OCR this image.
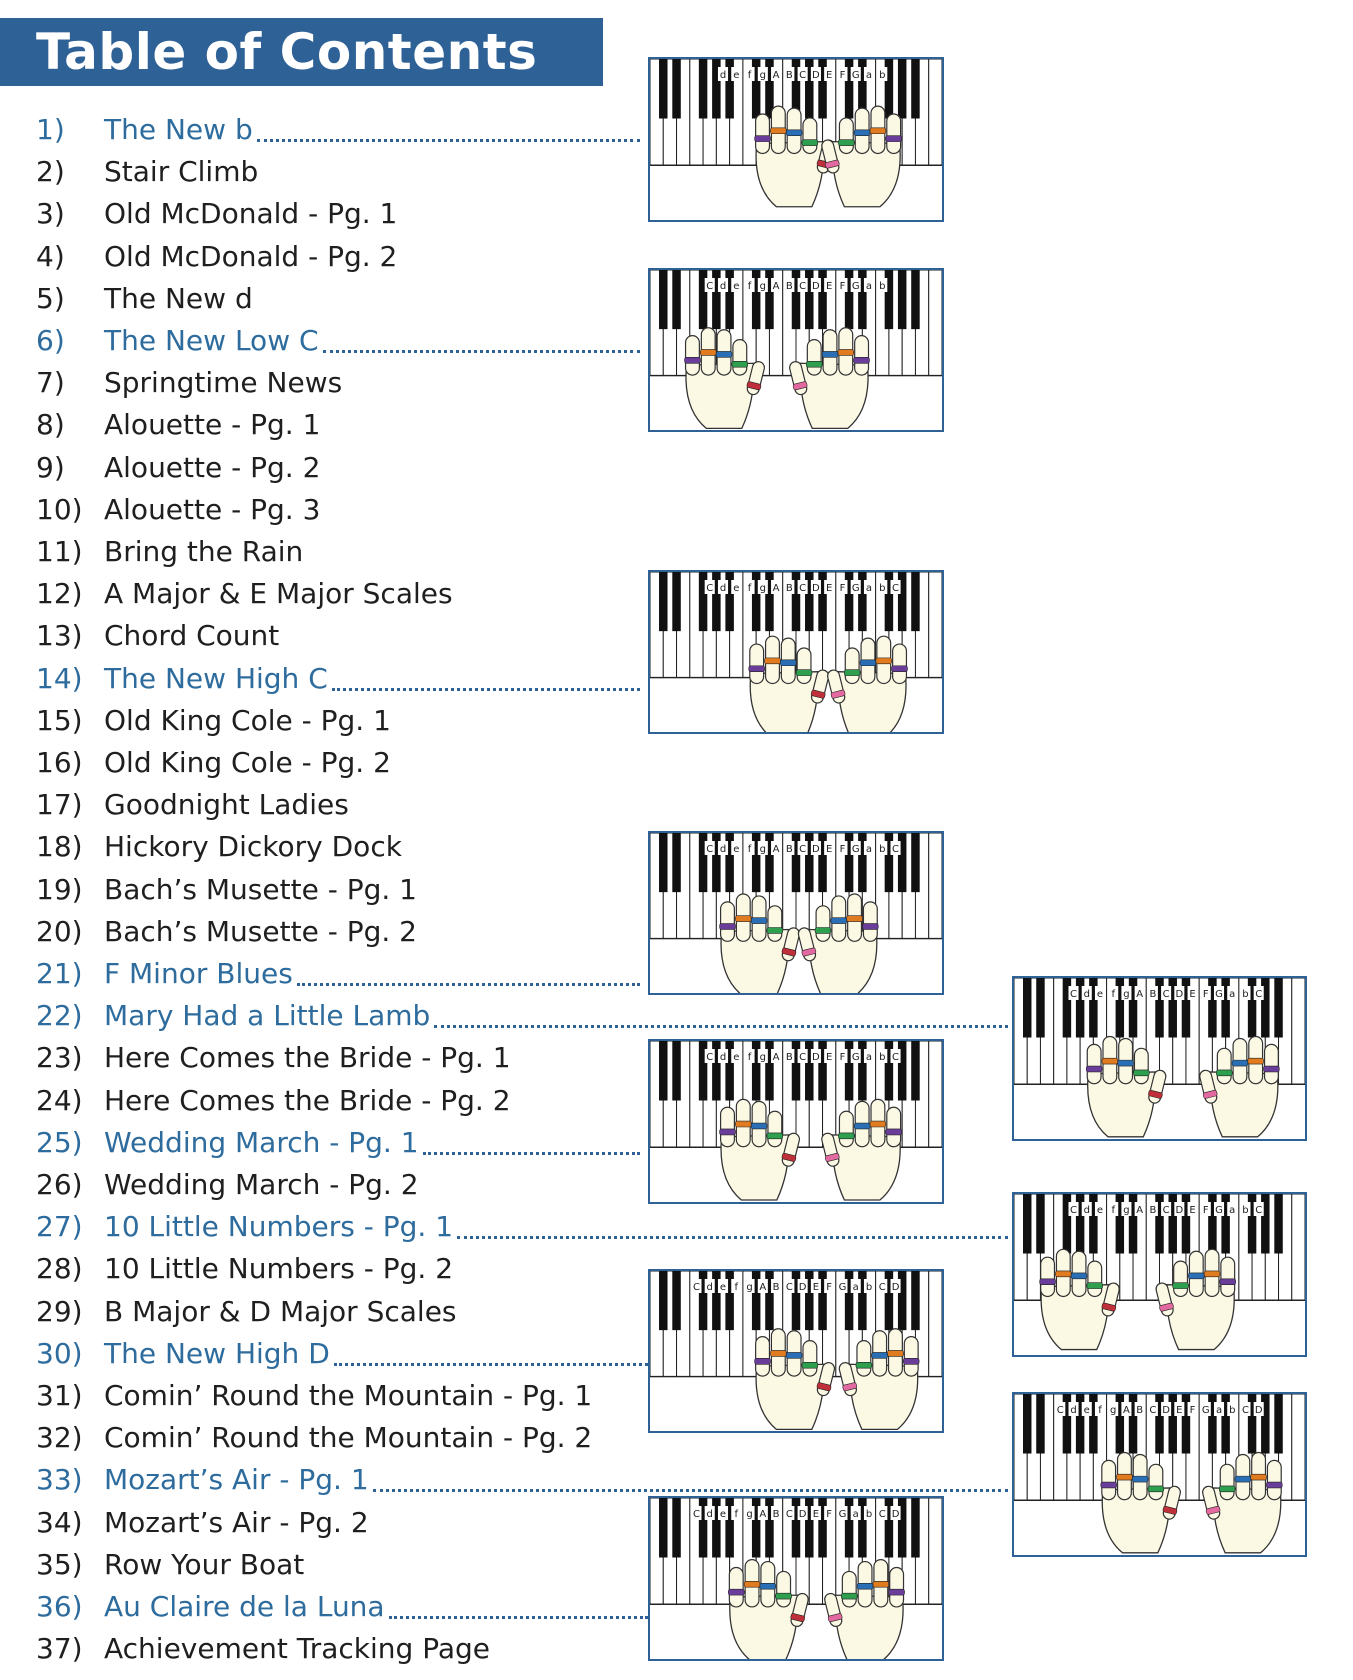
Table of Contents
1) The New b
2) Stair Climb
3) Old McDonald - Pg. 1
4) Old McDonald - Pg. 2
5) The New d
6) The New Low C
7) Springtime News
8) Alouette - Pg. 1
9) Alouette - Pg. 2
10) Alouette - Pg. 3
11) Bring the Rain
12) A Major & E Major Scales
13) Chord Count
14) The New High C
15) Old King Cole - Pg. 1
16) Old King Cole - Pg. 2
17) Goodnight Ladies
18) Hickory Dickory Dock
19) Bach’s Musette - Pg. 1
20) Bach’s Musette - Pg. 2
21) F Minor Blues
22) Mary Had a Little Lamb
23) Here Comes the Bride - Pg. 1
24) Here Comes the Bride - Pg. 2
25) Wedding March - Pg. 1
26) Wedding March - Pg. 2
27) 10 Little Numbers - Pg. 1
28) 10 Little Numbers - Pg. 2
29) B Major & D Major Scales
30) The New High D
31) Comin’ Round the Mountain - Pg. 1
32) Comin’ Round the Mountain - Pg. 2
33) Mozart’s Air - Pg. 1
34) Mozart’s Air - Pg. 2
35) Row Your Boat
36) Au Claire de la Luna
37) Achievement Tracking Page
d e f g A B C D E F G a b
C d e f g A B C D E F G a b
C d e f g A B C D E F G a b C
C d e f g A B C D E F G a b C
C d e f g A B C D E F G a b C
C d e f g A B C D E F G a b C D
C d e f g A B C D E F G a b C D
C d e f g A B C D E F G a b C
C d e f g A B C D E F G a b C
C d e f g A B C D E F G a b C D
